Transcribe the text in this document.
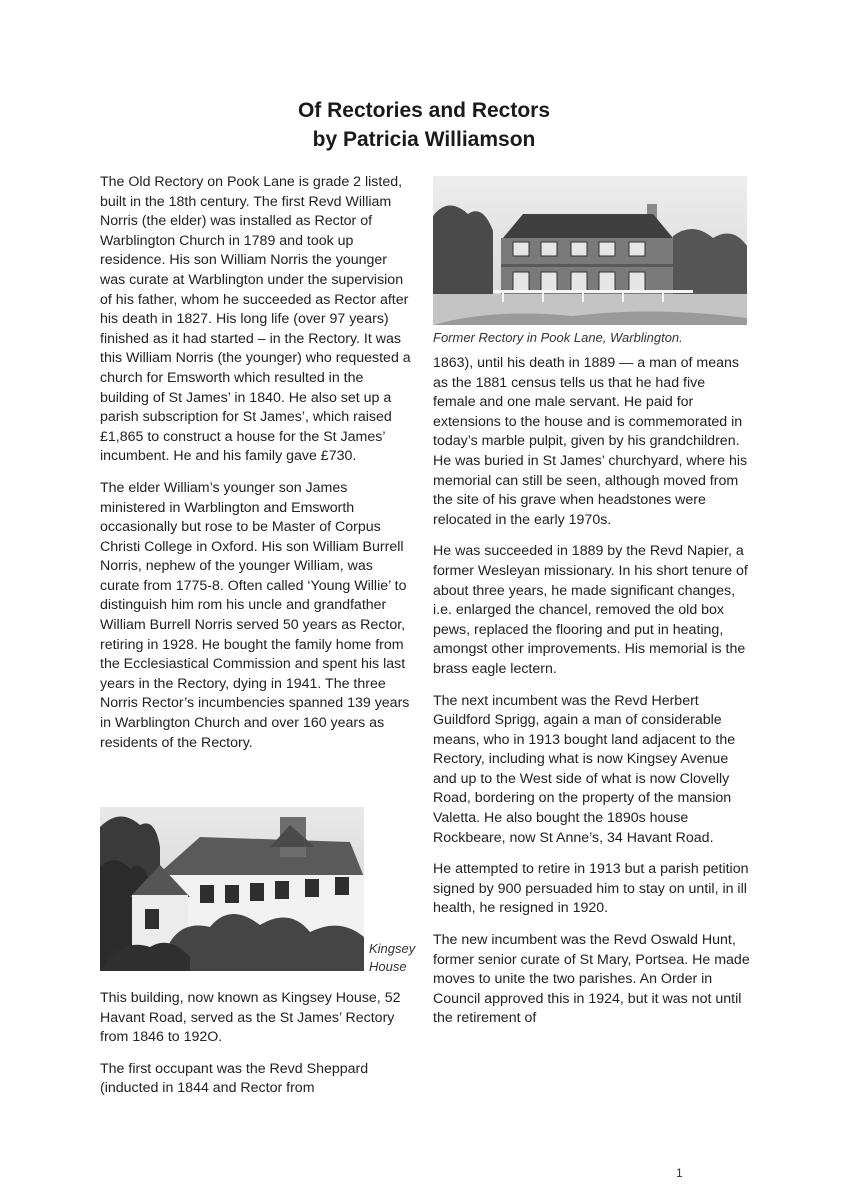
Of Rectories and Rectors
by Patricia Williamson

The Old Rectory on Pook Lane is grade 2 listed, built in the 18th century. The first Revd William Norris (the elder) was installed as Rector of Warblington Church in 1789 and took up residence. His son William Norris the younger was curate at Warblington under the supervision of his father, whom he succeeded as Rector after his death in 1827. His long life (over 97 years) finished as it had started – in the Rectory. It was this William Norris (the younger) who requested a church for Emsworth which resulted in the building of St James’ in 1840. He also set up a parish subscription for St James’, which raised £1,865 to construct a house for the St James’ incumbent. He and his family gave £730.

The elder William’s younger son James ministered in Warblington and Emsworth occasionally but rose to be Master of Corpus Christi College in Oxford. His son William Burrell Norris, nephew of the younger William, was curate from 1775-8. Often called ‘Young Willie’ to distinguish him rom his uncle and grandfather William Burrell Norris served 50 years as Rector, retiring in 1928. He bought the family home from the Ecclesiastical Commission and spent his last years in the Rectory, dying in 1941. The three Norris Rector’s incumbencies spanned 139 years in Warblington Church and over 160 years as residents of the Rectory.

Kingsey
House

This building, now known as Kingsey House, 52 Havant Road, served as the St James’ Rectory from 1846 to 192O.

The first occupant was the Revd Sheppard (inducted in 1844 and Rector from

Former Rectory in Pook Lane, Warblington.

1863), until his death in 1889 — a man of means as the 1881 census tells us that he had five female and one male servant. He paid for extensions to the house and is commemorated in today’s marble pulpit, given by his grandchildren. He was buried in St James’ churchyard, where his memorial can still be seen, although moved from the site of his grave when headstones were relocated in the early 1970s.

He was succeeded in 1889 by the Revd Napier, a former Wesleyan missionary. In his short tenure of about three years, he made significant changes, i.e. enlarged the chancel, removed the old box pews, replaced the flooring and put in heating, amongst other improvements. His memorial is the brass eagle lectern.

The next incumbent was the Revd Herbert Guildford Sprigg, again a man of considerable means, who in 1913 bought land adjacent to the Rectory, including what is now Kingsey Avenue and up to the West side of what is now Clovelly Road, bordering on the property of the mansion Valetta. He also bought the 1890s house Rockbeare, now St Anne’s, 34 Havant Road.

He attempted to retire in 1913 but a parish petition signed by 900 persuaded him to stay on until, in ill health, he resigned in 1920.

The new incumbent was the Revd Oswald Hunt, former senior curate of St Mary, Portsea. He made moves to unite the two parishes. An Order in Council approved this in 1924, but it was not until the retirement of

1
